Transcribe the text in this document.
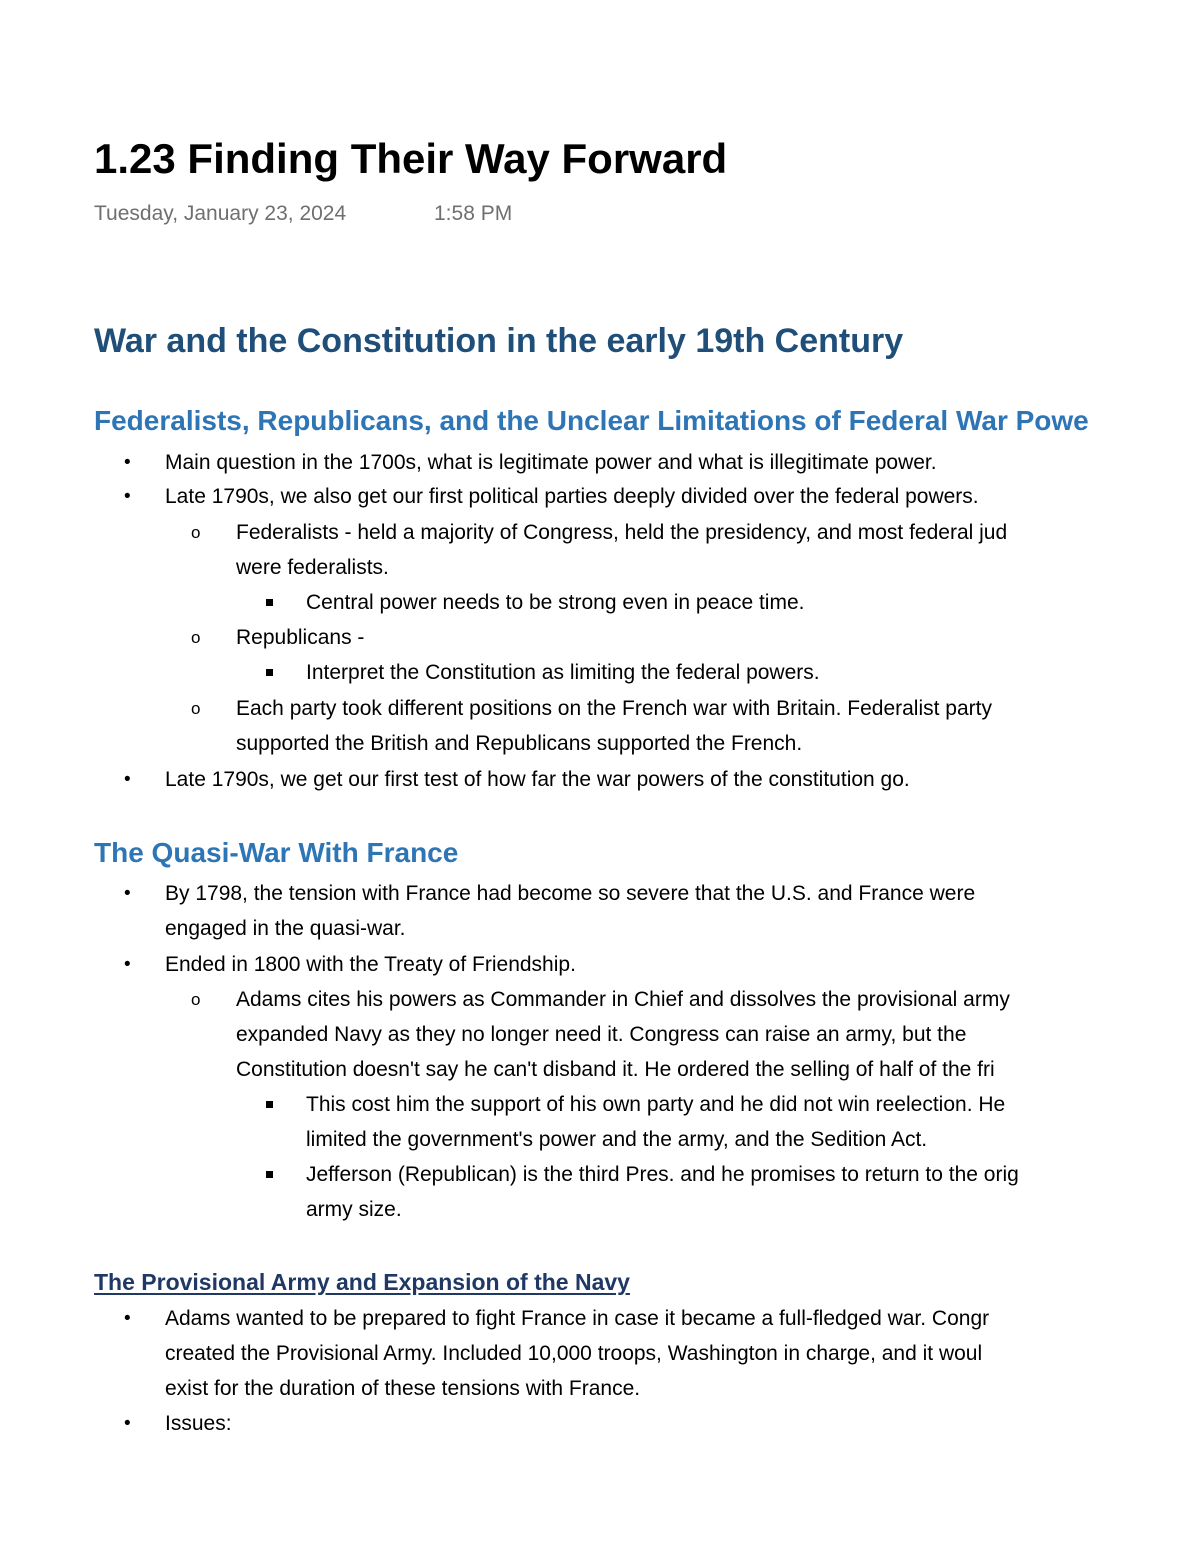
1.23 Finding Their Way Forward
Tuesday, January 23, 2024	1:58 PM
War and the Constitution in the early 19th Century
Federalists, Republicans, and the Unclear Limitations of Federal War Powe
• Main question in the 1700s, what is legitimate power and what is illegitimate power.
• Late 1790s, we also get our first political parties deeply divided over the federal powers.
o Federalists - held a majority of Congress, held the presidency, and most federal jud
were federalists.
Central power needs to be strong even in peace time.
o Republicans -
Interpret the Constitution as limiting the federal powers.
o Each party took different positions on the French war with Britain. Federalist party
supported the British and Republicans supported the French.
• Late 1790s, we get our first test of how far the war powers of the constitution go.
The Quasi-War With France
• By 1798, the tension with France had become so severe that the U.S. and France were
engaged in the quasi-war.
• Ended in 1800 with the Treaty of Friendship.
o Adams cites his powers as Commander in Chief and dissolves the provisional army
expanded Navy as they no longer need it. Congress can raise an army, but the
Constitution doesn't say he can't disband it. He ordered the selling of half of the fri
This cost him the support of his own party and he did not win reelection. He
limited the government's power and the army, and the Sedition Act.
Jefferson (Republican) is the third Pres. and he promises to return to the orig
army size.
The Provisional Army and Expansion of the Navy
• Adams wanted to be prepared to fight France in case it became a full-fledged war. Congr
created the Provisional Army. Included 10,000 troops, Washington in charge, and it woul
exist for the duration of these tensions with France.
• Issues:
